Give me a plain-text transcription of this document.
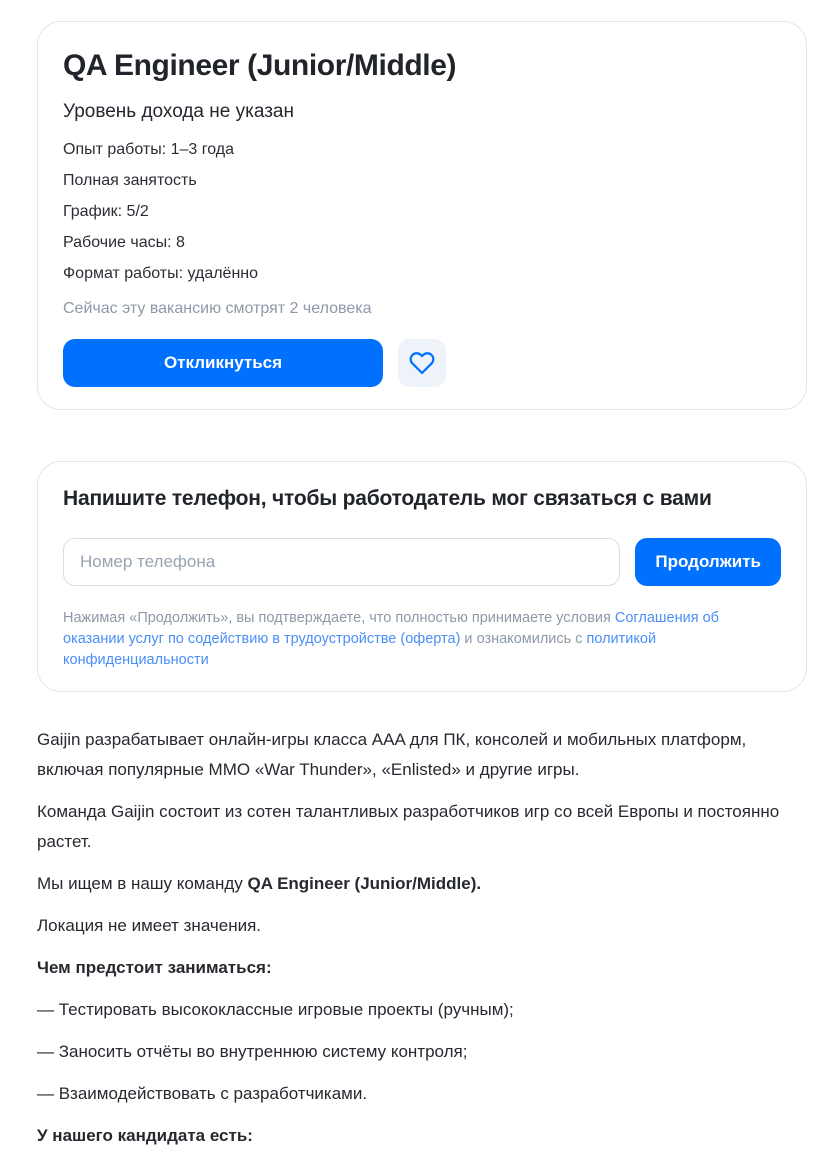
QA Engineer (Junior/Middle)
Уровень дохода не указан
Опыт работы: 1–3 года
Полная занятость
График: 5/2
Рабочие часы: 8
Формат работы: удалённо
Сейчас эту вакансию смотрят 2 человека
Откликнуться
Напишите телефон, чтобы работодатель мог связаться с вами
Номер телефона
Продолжить

Нажимая «Продолжить», вы подтверждаете, что полностью принимаете условия Соглашения об оказании услуг по содействию в трудоустройстве (оферта) и ознакомились с политикой конфиденциальности

Gaijin разрабатывает онлайн-игры класса AAA для ПК, консолей и мобильных платформ, включая популярные MMO «War Thunder», «Enlisted» и другие игры.

Команда Gaijin состоит из сотен талантливых разработчиков игр со всей Европы и постоянно растет.

Мы ищем в нашу команду QA Engineer (Junior/Middle).

Локация не имеет значения.

Чем предстоит заниматься:

— Тестировать высококлассные игровые проекты (ручным);

— Заносить отчёты во внутреннюю систему контроля;

— Взаимодействовать с разработчиками.

У нашего кандидата есть:
